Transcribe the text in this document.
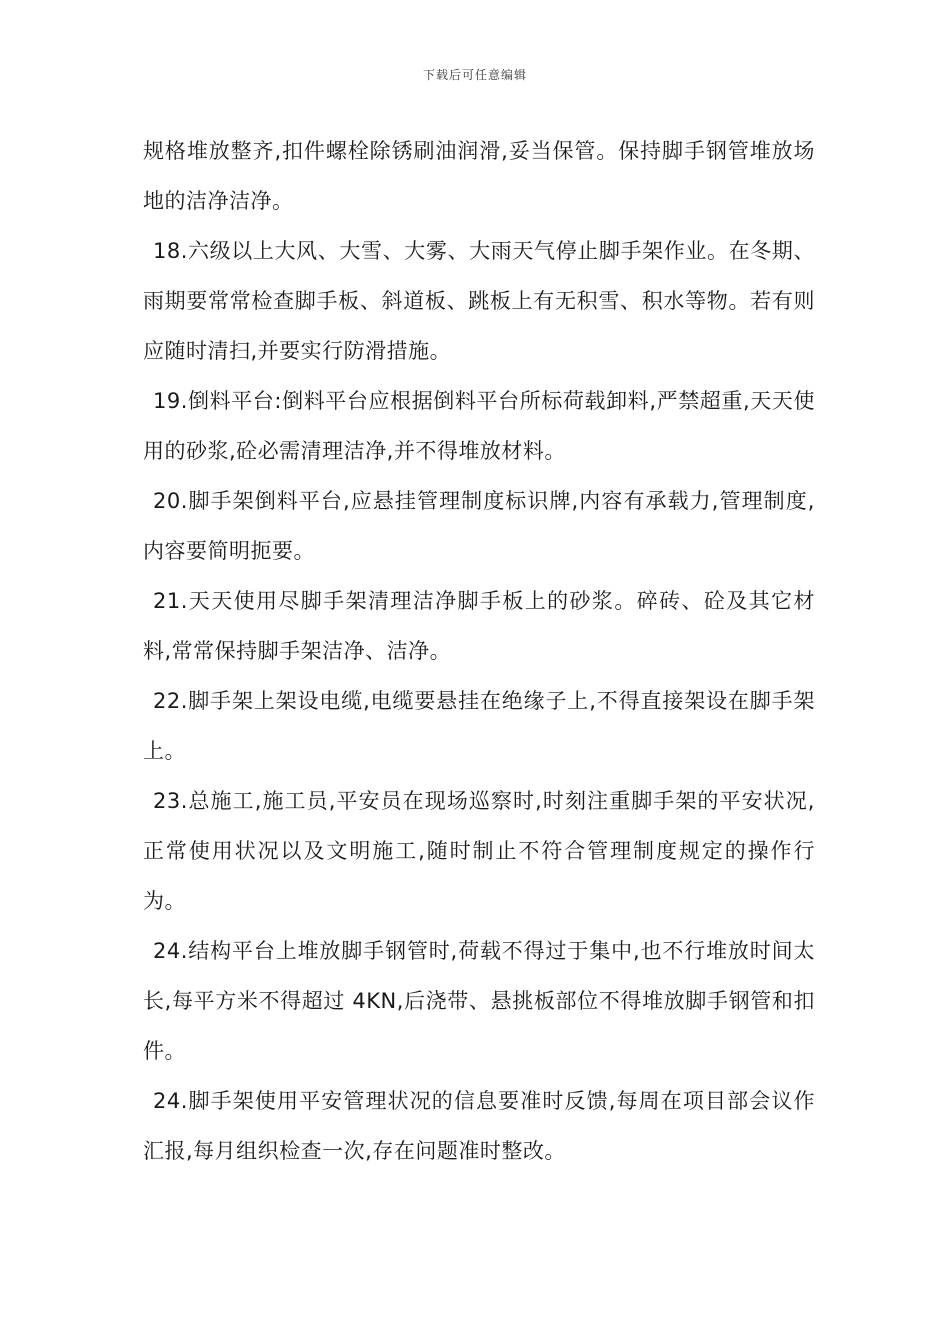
下载后可任意编辑

规格堆放整齐,扣件螺栓除锈刷油润滑,妥当保管。保持脚手钢管堆放场地的洁净洁净。

18.六级以上大风、大雪、大雾、大雨天气停止脚手架作业。在冬期、雨期要常常检查脚手板、斜道板、跳板上有无积雪、积水等物。若有则应随时清扫,并要实行防滑措施。

19.倒料平台:倒料平台应根据倒料平台所标荷载卸料,严禁超重,天天使用的砂浆,砼必需清理洁净,并不得堆放材料。

20.脚手架倒料平台,应悬挂管理制度标识牌,内容有承载力,管理制度,内容要简明扼要。

21.天天使用尽脚手架清理洁净脚手板上的砂浆。碎砖、砼及其它材料,常常保持脚手架洁净、洁净。

22.脚手架上架设电缆,电缆要悬挂在绝缘子上,不得直接架设在脚手架上。

23.总施工,施工员,平安员在现场巡察时,时刻注重脚手架的平安状况,正常使用状况以及文明施工,随时制止不符合管理制度规定的操作行为。

24.结构平台上堆放脚手钢管时,荷载不得过于集中,也不行堆放时间太长,每平方米不得超过 4KN,后浇带、悬挑板部位不得堆放脚手钢管和扣件。

24.脚手架使用平安管理状况的信息要准时反馈,每周在项目部会议作汇报,每月组织检查一次,存在问题准时整改。
